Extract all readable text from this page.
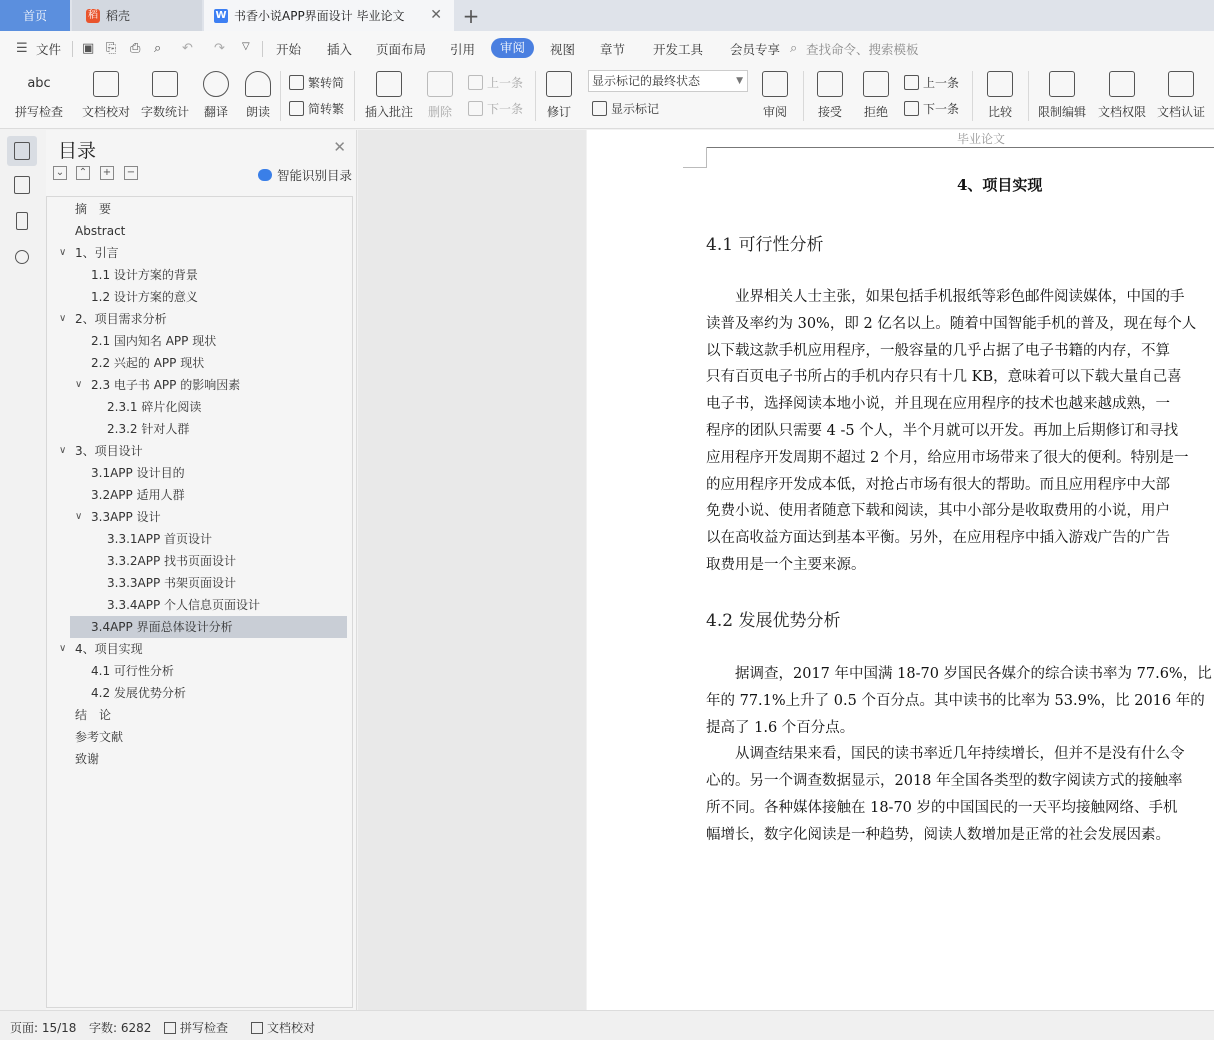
首页	稻 稻壳	W 书香小说APP界面设计 毕业论文 ✕ +
☰ 文件 ▣ ⎘ ⎙ ⌕ ↶ ↷ ▽ 开始 插入 页面布局 引用	审阅	视图 章节 开发工具 会员专享 ⌕ 查找命令、搜索模板
abc
拼写检查	文档校对 字数统计	翻译	朗读
繁转简
简转繁 插入批注	删除
上一条
下一条	修订
显示标记的最终状态	▼
显示标记	审阅	接受	拒绝
上一条
下一条	比较	限制编辑 文档权限 文档认证
目录	✕
⌄ ⌃ + −	智能识别目录
摘　要
Abstract
∨ 1、引言
1.1 设计方案的背景
1.2 设计方案的意义
∨ 2、项目需求分析
2.1 国内知名 APP 现状
2.2 兴起的 APP 现状
∨ 2.3 电子书 APP 的影响因素
2.3.1 碎片化阅读
2.3.2 针对人群
∨ 3、项目设计
3.1APP 设计目的
3.2APP 适用人群
∨ 3.3APP 设计
3.3.1APP 首页设计
3.3.2APP 找书页面设计
3.3.3APP 书架页面设计
3.3.4APP 个人信息页面设计
3.4APP 界面总体设计分析
∨ 4、项目实现
4.1 可行性分析
4.2 发展优势分析
结　论
参考文献
致谢
毕业论文
4、项目实现
4.1 可行性分析
　　业界相关人士主张，如果包括手机报纸等彩色邮件阅读媒体，中国的手
读普及率约为 30%，即 2 亿名以上。随着中国智能手机的普及，现在每个人
以下载这款手机应用程序，一般容量的几乎占据了电子书籍的内存，不算
只有百页电子书所占的手机内存只有十几 KB，意味着可以下载大量自己喜
电子书，选择阅读本地小说，并且现在应用程序的技术也越来越成熟，一
程序的团队只需要 4 -5 个人，半个月就可以开发。再加上后期修订和寻找
应用程序开发周期不超过 2 个月，给应用市场带来了很大的便利。特别是一
的应用程序开发成本低，对抢占市场有很大的帮助。而且应用程序中大部
免费小说、使用者随意下载和阅读，其中小部分是收取费用的小说，用户
以在高收益方面达到基本平衡。另外，在应用程序中插入游戏广告的广告
取费用是一个主要来源。
4.2 发展优势分析
　　据调查，2017 年中国满 18-70 岁国民各媒介的综合读书率为 77.6%，比
年的 77.1%上升了 0.5 个百分点。其中读书的比率为 53.9%，比 2016 年的
提高了 1.6 个百分点。
　　从调查结果来看，国民的读书率近几年持续增长，但并不是没有什么令
心的。另一个调查数据显示，2018 年全国各类型的数字阅读方式的接触率
所不同。各种媒体接触在 18-70 岁的中国国民的一天平均接触网络、手机
幅增长，数字化阅读是一种趋势，阅读人数增加是正常的社会发展因素。
页面: 15/18 字数: 6282 拼写检查	文档校对
